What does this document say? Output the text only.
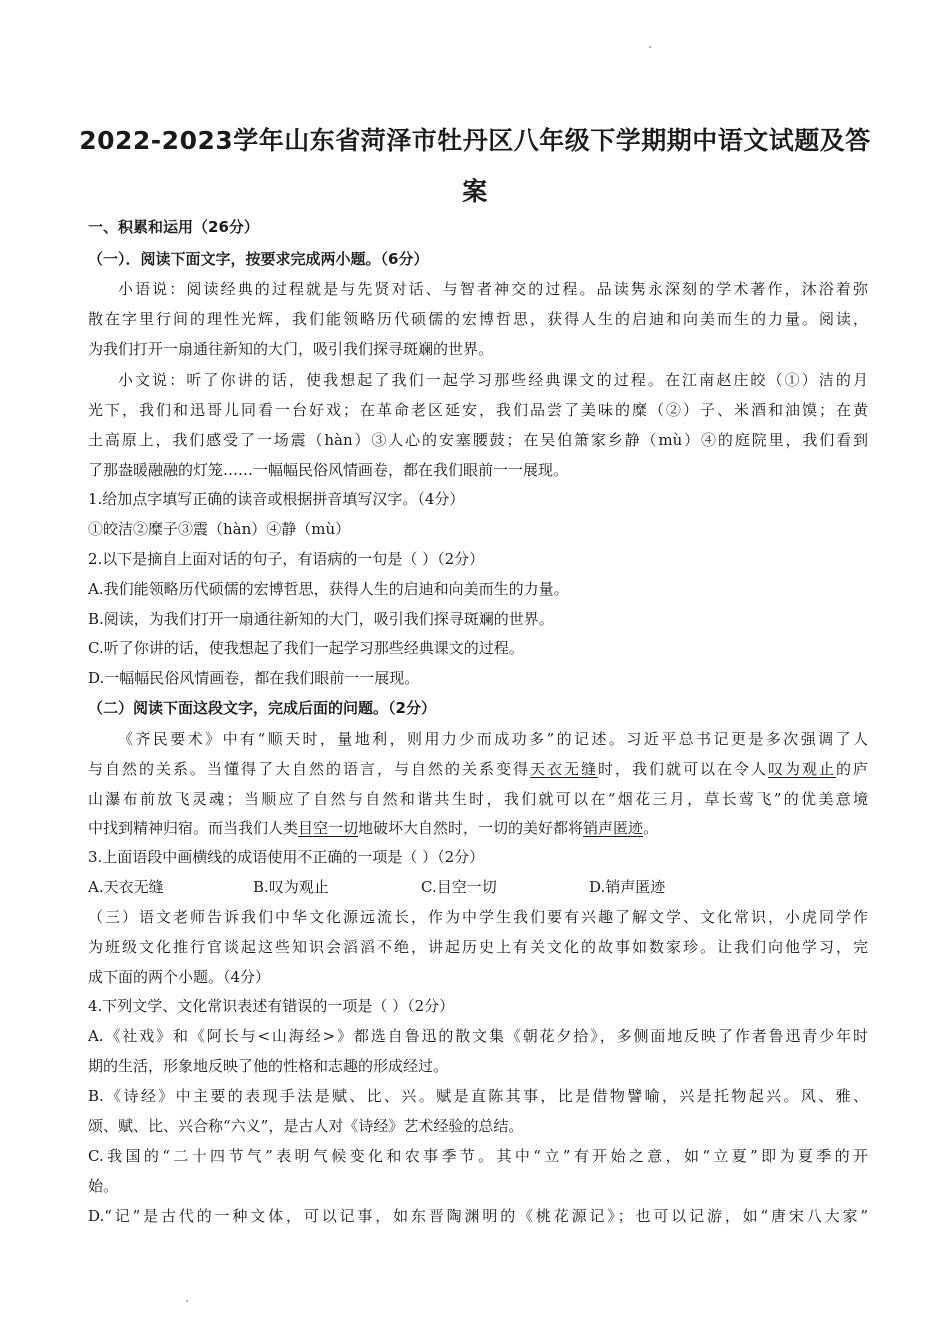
2022-2023学年山东省菏泽市牡丹区八年级下学期期中语文试题及答
案
一、积累和运用（26分）
（一）．阅读下面文字，按要求完成两小题。（6分）
小语说：阅读经典的过程就是与先贤对话、与智者神交的过程。品读隽永深刻的学术著作，沐浴着弥
散在字里行间的理性光辉，我们能领略历代硕儒的宏博哲思，获得人生的启迪和向美而生的力量。阅读，
为我们打开一扇通往新知的大门，吸引我们探寻斑斓的世界。
小文说：听了你讲的话，使我想起了我们一起学习那些经典课文的过程。在江南赵庄皎（①）洁的月
光下，我们和迅哥儿同看一台好戏；在革命老区延安，我们品尝了美味的糜（②）子、米酒和油馍；在黄
土高原上，我们感受了一场震（hàn）③人心的安塞腰鼓；在吴伯箫家乡静（mù）④的庭院里，我们看到
了那盎暖融融的灯笼……一幅幅民俗风情画卷，都在我们眼前一一展现。
1.给加点字填写正确的读音或根据拼音填写汉字。（4分）
①皎洁②糜子③震（hàn）④静（mù）
2.以下是摘自上面对话的句子，有语病的一句是（ ）（2分）
A.我们能领略历代硕儒的宏博哲思，获得人生的启迪和向美而生的力量。
B.阅读，为我们打开一扇通往新知的大门，吸引我们探寻斑斓的世界。
C.听了你讲的话，使我想起了我们一起学习那些经典课文的过程。
D.一幅幅民俗风情画卷，都在我们眼前一一展现。
（二）阅读下面这段文字，完成后面的问题。（2分）
《齐民要术》中有“顺天时，量地利，则用力少而成功多”的记述。习近平总书记更是多次强调了人
与自然的关系。当懂得了大自然的语言，与自然的关系变得天衣无缝时，我们就可以在令人叹为观止的庐
山瀑布前放飞灵魂；当顺应了自然与自然和谐共生时，我们就可以在“烟花三月，草长莺飞”的优美意境
中找到精神归宿。而当我们人类目空一切地破坏大自然时，一切的美好都将销声匿迹。
3.上面语段中画横线的成语使用不正确的一项是（ ）（2分）
A.天衣无缝	B.叹为观止	C.目空一切	D.销声匿迹
（三）语文老师告诉我们中华文化源远流长，作为中学生我们要有兴趣了解文学、文化常识，小虎同学作
为班级文化推行官谈起这些知识会滔滔不绝，讲起历史上有关文化的故事如数家珍。让我们向他学习，完
成下面的两个小题。（4分）
4.下列文学、文化常识表述有错误的一项是（ ）（2分）
A.《社戏》和《阿长与<山海经>》都选自鲁迅的散文集《朝花夕拾》，多侧面地反映了作者鲁迅青少年时
期的生活，形象地反映了他的性格和志趣的形成经过。
B.《诗经》中主要的表现手法是赋、比、兴。赋是直陈其事，比是借物譬喻，兴是托物起兴。风、雅、
颂、赋、比、兴合称“六义”，是古人对《诗经》艺术经验的总结。
C.我国的“二十四节气”表明气候变化和农事季节。其中“立”有开始之意，如“立夏”即为夏季的开
始。
D.“记”是古代的一种文体，可以记事，如东晋陶渊明的《桃花源记》；也可以记游，如“唐宋八大家”
